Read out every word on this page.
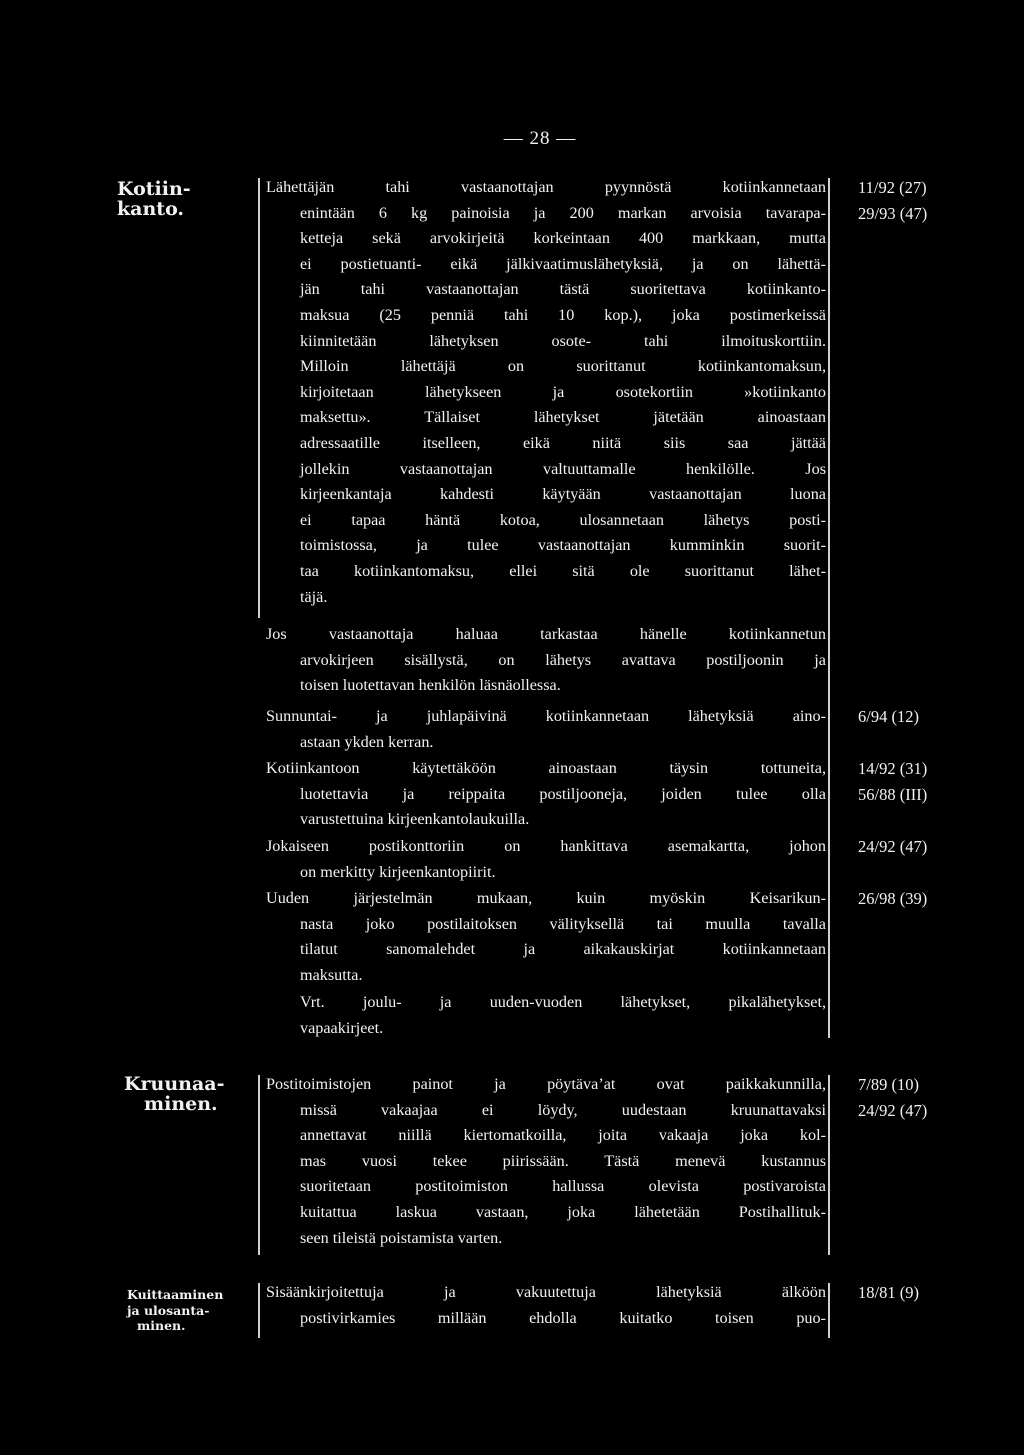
— 28 —
Kotiin-
kanto.

Lähettäjän tahi vastaanottajan pyynnöstä kotiinkannetaan
enintään 6 kg painoisia ja 200 markan arvoisia tavarapa-
ketteja sekä arvokirjeitä korkeintaan 400 markkaan, mutta
ei postietuanti- eikä jälkivaatimuslähetyksiä, ja on lähettä-
jän tahi vastaanottajan tästä suoritettava kotiinkanto-
maksua (25 penniä tahi 10 kop.), joka postimerkeissä
kiinnitetään lähetyksen osote- tahi ilmoituskorttiin.
Milloin lähettäjä on suorittanut kotiinkantomaksun,
kirjoitetaan lähetykseen ja osotekortiin »kotiinkanto
maksettu». Tällaiset lähetykset jätetään ainoastaan
adressaatille itselleen, eikä niitä siis saa jättää
jollekin vastaanottajan valtuuttamalle henkilölle. Jos
kirjeenkantaja kahdesti käytyään vastaanottajan luona
ei tapaa häntä kotoa, ulosannetaan lähetys posti-
toimistossa, ja tulee vastaanottajan kumminkin suorit-
taa kotiinkantomaksu, ellei sitä ole suorittanut lähet-
täjä.

11/92 (27)
29/93 (47)

Jos vastaanottaja haluaa tarkastaa hänelle kotiinkannetun
arvokirjeen sisällystä, on lähetys avattava postiljoonin ja
toisen luotettavan henkilön läsnäollessa.

Sunnuntai- ja juhlapäivinä kotiinkannetaan lähetyksiä aino-
astaan ykden kerran.

6/94 (12)

Kotiinkantoon käytettäköön ainoastaan täysin tottuneita,
luotettavia ja reippaita postiljooneja, joiden tulee olla
varustettuina kirjeenkantolaukuilla.

14/92 (31)
56/88 (III)

Jokaiseen postikonttoriin on hankittava asemakartta, johon
on merkitty kirjeenkantopiirit.

24/92 (47)

Uuden järjestelmän mukaan, kuin myöskin Keisarikun-
nasta joko postilaitoksen välityksellä tai muulla tavalla
tilatut sanomalehdet ja aikakauskirjat kotiinkannetaan
maksutta.

26/98 (39)

Vrt. joulu- ja uuden-vuoden lähetykset, pikalähetykset,
vapaakirjeet.

Kruunaa-
minen.

Postitoimistojen painot ja pöytävaʼat ovat paikkakunnilla,
missä vakaajaa ei löydy, uudestaan kruunattavaksi
annettavat niillä kiertomatkoilla, joita vakaaja joka kol-
mas vuosi tekee piirissään. Tästä menevä kustannus
suoritetaan postitoimiston hallussa olevista postivaroista
kuitattua laskua vastaan, joka lähetetään Postihallituk-
seen tileistä poistamista varten.

7/89 (10)
24/92 (47)
Kuittaaminen
ja ulosanta-
minen.

Sisäänkirjoitettuja ja vakuutettuja lähetyksiä älköön
postivirkamies millään ehdolla kuitatko toisen puo-

18/81 (9)
